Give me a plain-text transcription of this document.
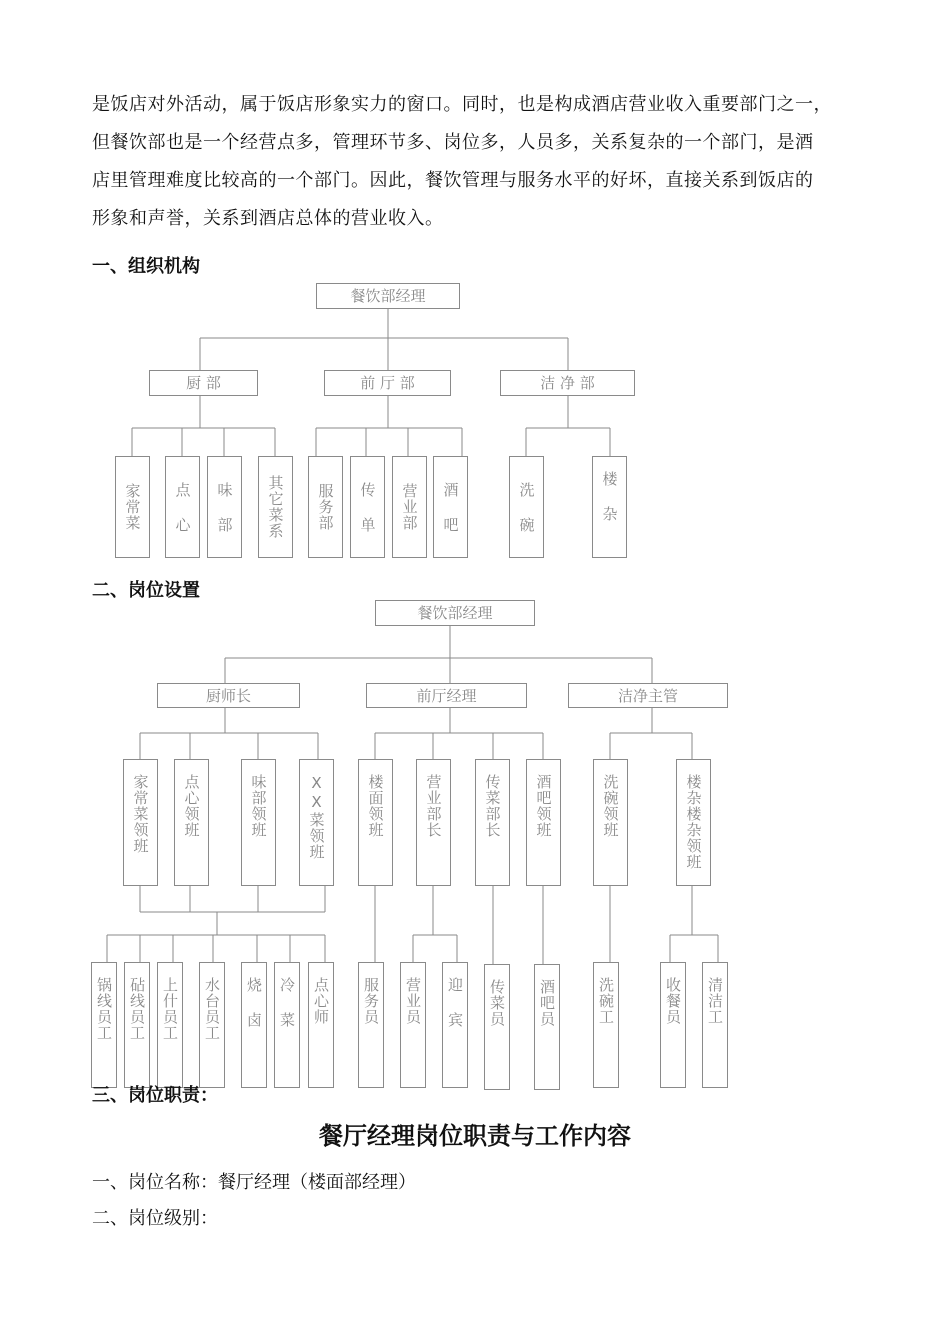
是饭店对外活动，属于饭店形象实力的窗口。同时，也是构成酒店营业收入重要部门之一，
但餐饮部也是一个经营点多，管理环节多、岗位多，人员多，关系复杂的一个部门，是酒
店里管理难度比较高的一个部门。因此，餐饮管理与服务水平的好坏，直接关系到饭店的
形象和声誉，关系到酒店总体的营业收入。

一、组织机构

餐饮部经理
厨 部	前 厅 部	洁 净 部
家常菜	点 心	味 部	其它菜系	服务部	传 单	营业部	酒 吧	洗 碗	楼 杂

二、岗位设置

餐饮部经理
厨师长	前厅经理	洁净主管
家常菜领班	点心领班	味部领班	XX菜领班	楼面领班	营业部长	传菜部长	酒吧领班	洗碗领班	楼杂楼杂领班
锅线员工 砧线员工 上什员工 水台员工 烧 卤 冷 菜 点心师 服务员 营业员 迎 宾 传菜员 酒吧员	洗碗工	收餐员 清洁工

三、岗位职责：

餐厅经理岗位职责与工作内容

一、岗位名称：餐厅经理（楼面部经理）

二、岗位级别：
